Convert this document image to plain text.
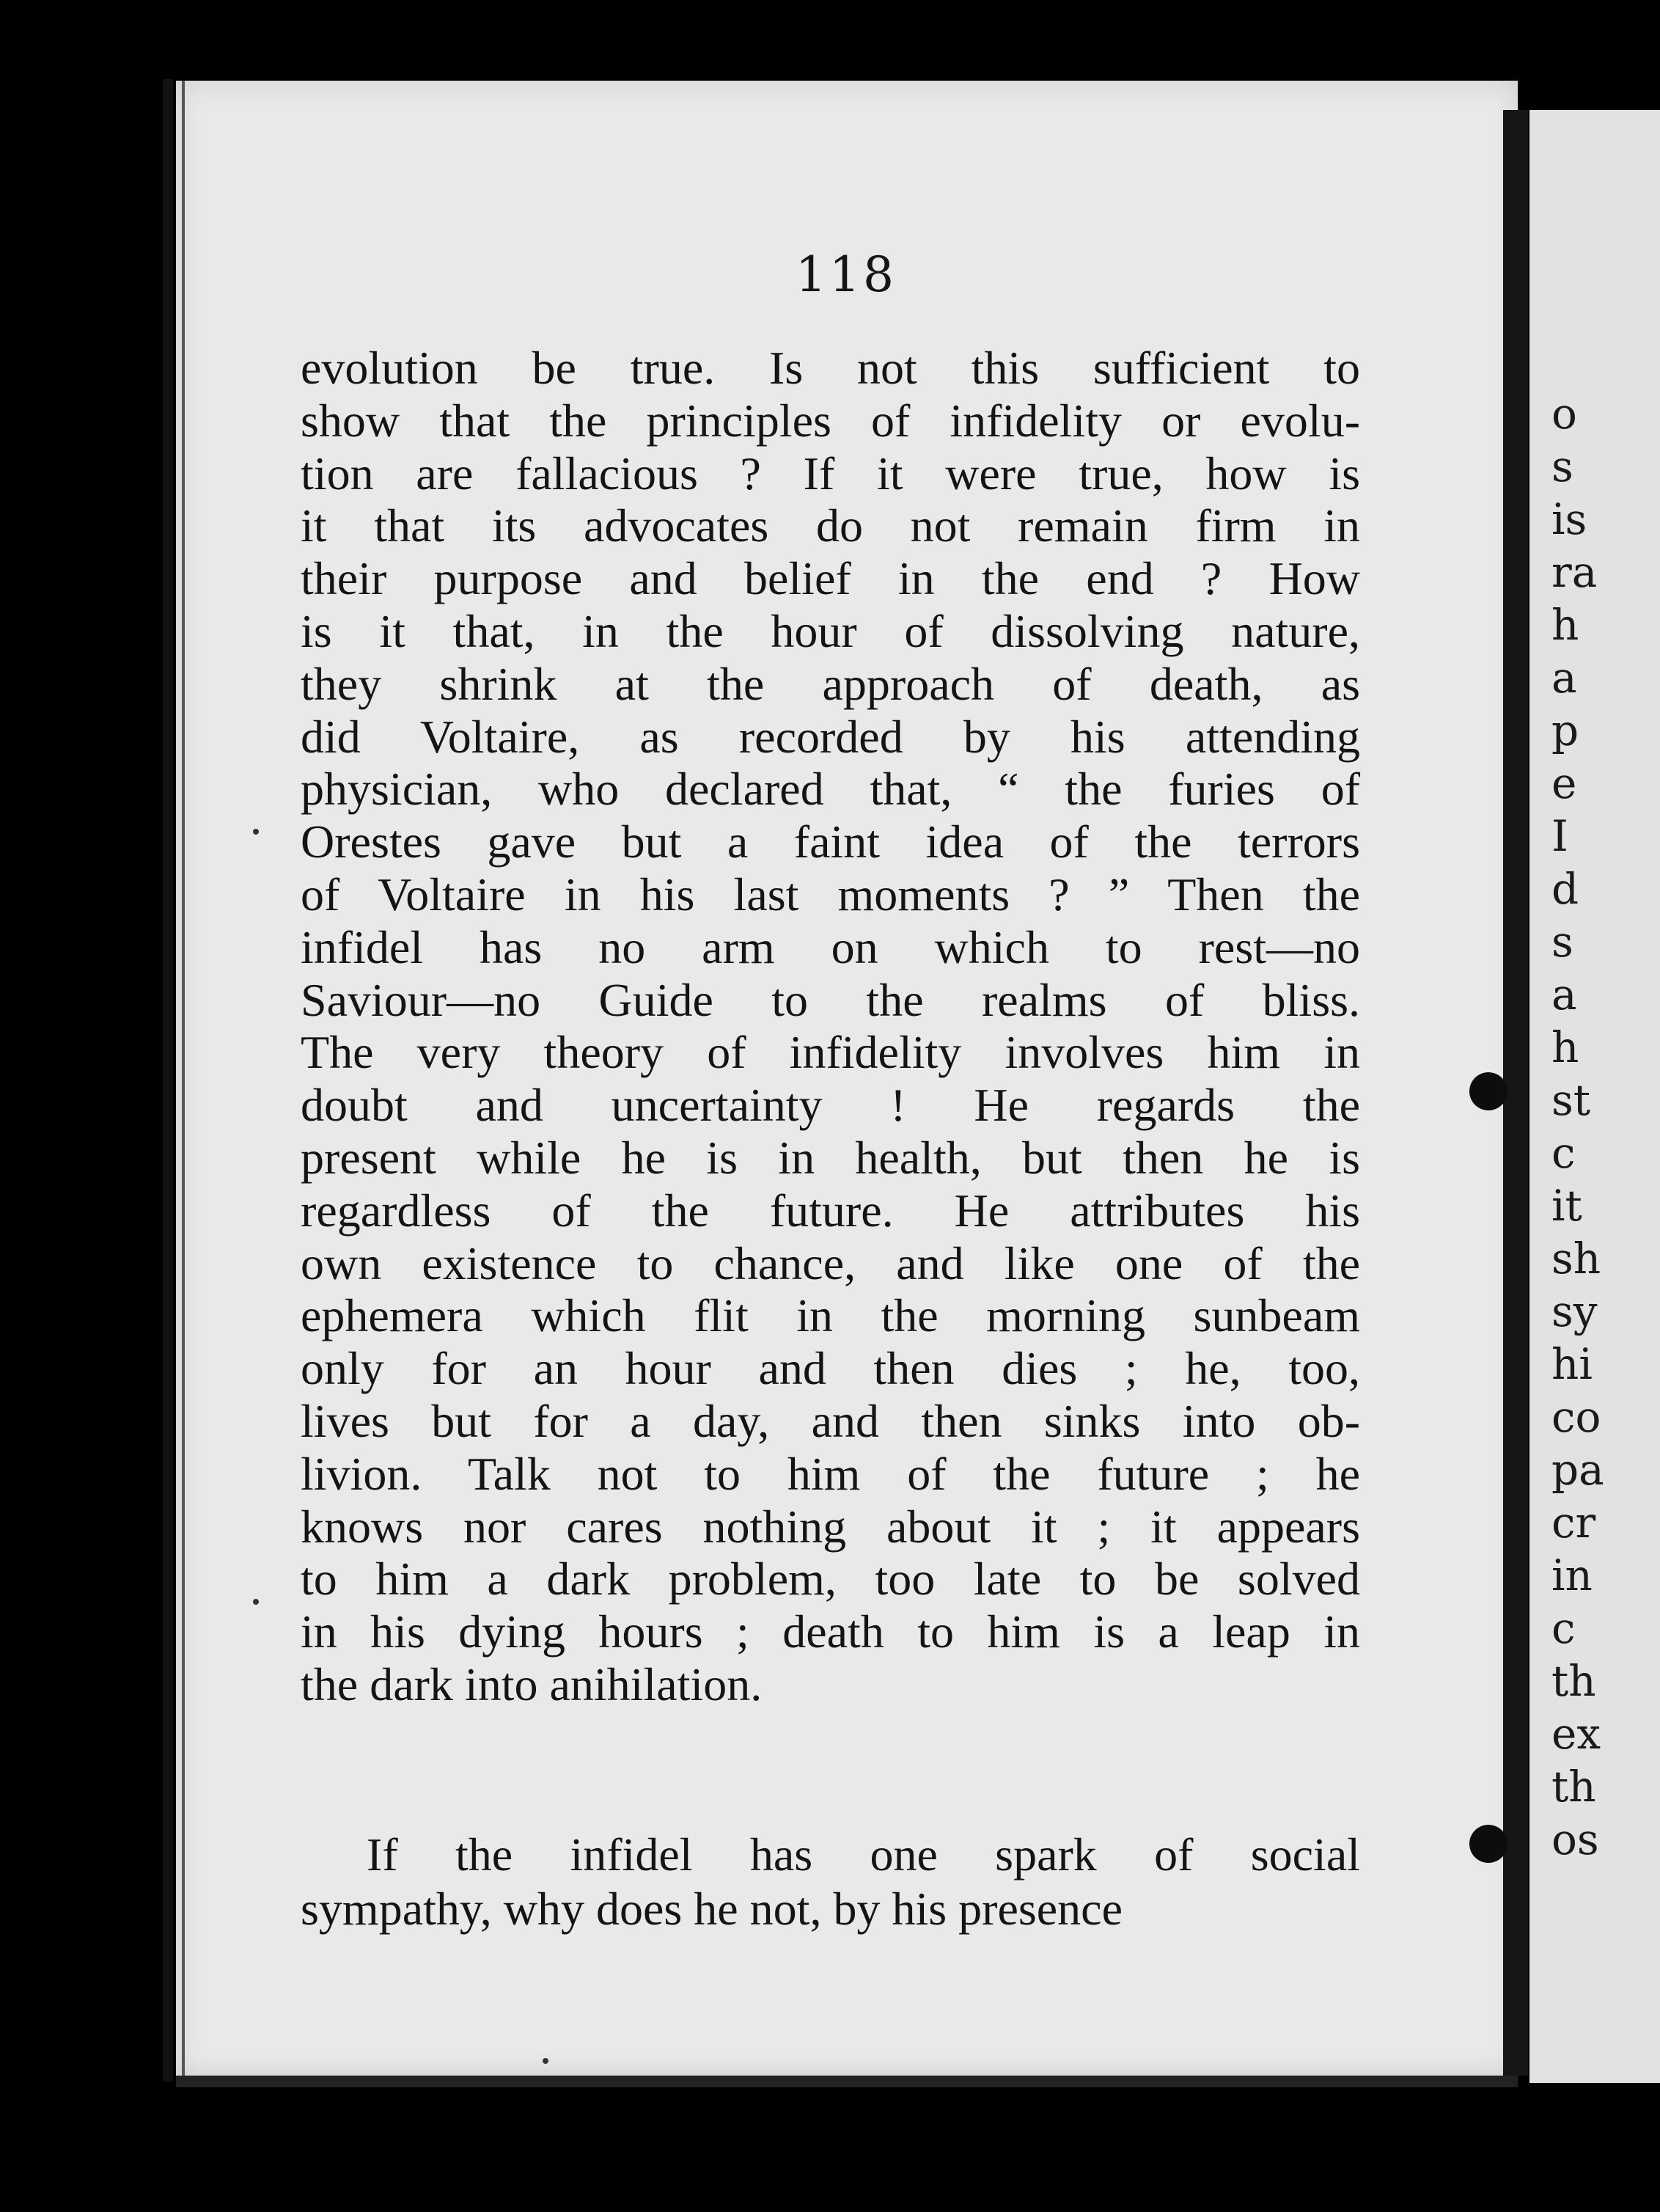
118
evolution be true. Is not this sufficient to
show that the principles of infidelity or evolu-
tion are fallacious ? If it were true, how is
it that its advocates do not remain firm in
their purpose and belief in the end ? How
is it that, in the hour of dissolving nature,
they shrink at the approach of death, as
did Voltaire, as recorded by his attending
physician, who declared that, “ the furies of
Orestes gave but a faint idea of the terrors
of Voltaire in his last moments ? ” Then the
infidel has no arm on which to rest—no
Saviour—no Guide to the realms of bliss.
The very theory of infidelity involves him in
doubt and uncertainty ! He regards the
present while he is in health, but then he is
regardless of the future. He attributes his
own existence to chance, and like one of the
ephemera which flit in the morning sunbeam
only for an hour and then dies ; he, too,
lives but for a day, and then sinks into ob-
livion. Talk not to him of the future ; he
knows nor cares nothing about it ; it appears
to him a dark problem, too late to be solved
in his dying hours ; death to him is a leap in
the dark into anihilation.
If the infidel has one spark of social
sympathy, why does he not, by his presence
o
s
is
ra
h
a
p
e
I
d
s
a
h
st
c
it
sh
sy
hi
co
pa
cr
in
c
th
ex
th
os
